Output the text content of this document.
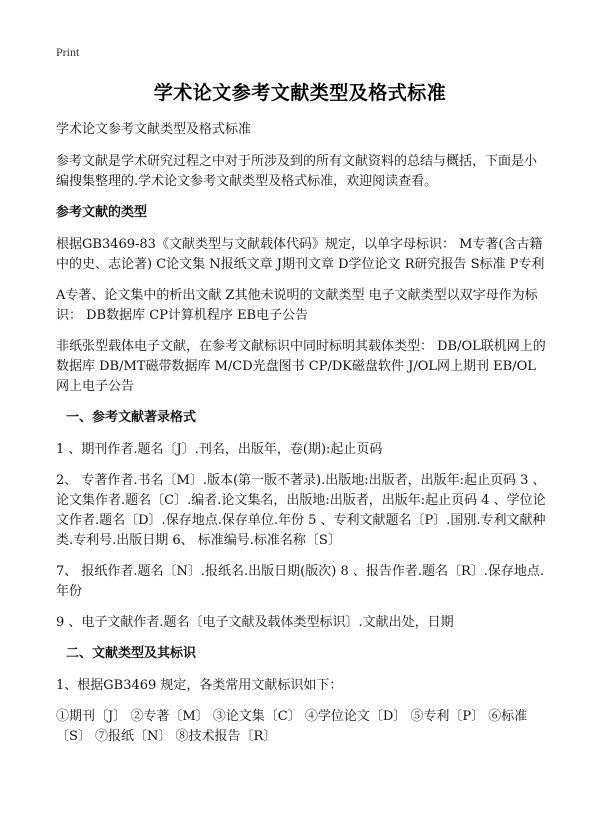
Print
学术论文参考文献类型及格式标准

学术论文参考文献类型及格式标准

参考文献是学术研究过程之中对于所涉及到的所有文献资料的总结与概括，下面是小编搜集整理的.学术论文参考文献类型及格式标准，欢迎阅读查看。

参考文献的类型

根据GB3469-83《文献类型与文献载体代码》规定，以单字母标识： M专著(含古籍中的史、志论著) C论文集 N报纸文章 J期刊文章 D学位论文 R研究报告 S标准 P专利

A专著、论文集中的析出文献 Z其他未说明的文献类型 电子文献类型以双字母作为标识： DB数据库 CP计算机程序 EB电子公告

非纸张型载体电子文献，在参考文献标识中同时标明其载体类型： DB/OL联机网上的数据库 DB/MT磁带数据库 M/CD光盘图书 CP/DK磁盘软件 J/OL网上期刊 EB/OL网上电子公告

一、参考文献著录格式

1 、期刊作者.题名〔J〕.刊名，出版年，卷(期):起止页码

2、 专著作者.书名〔M〕.版本(第一版不著录).出版地:出版者，出版年:起止页码 3 、 论文集作者.题名〔C〕.编者.论文集名，出版地:出版者，出版年:起止页码 4 、学位论文作者.题名〔D〕.保存地点.保存单位.年份 5 、专利文献题名〔P〕.国别.专利文献种类.专利号.出版日期 6、 标准编号.标准名称〔S〕

7、 报纸作者.题名〔N〕.报纸名.出版日期(版次) 8 、报告作者.题名〔R〕.保存地点.年份

9 、电子文献作者.题名〔电子文献及载体类型标识〕.文献出处，日期

二、文献类型及其标识

1、根据GB3469 规定，各类常用文献标识如下：

①期刊〔J〕 ②专著〔M〕 ③论文集〔C〕 ④学位论文〔D〕 ⑤专利〔P〕 ⑥标准〔S〕 ⑦报纸〔N〕 ⑧技术报告〔R〕
